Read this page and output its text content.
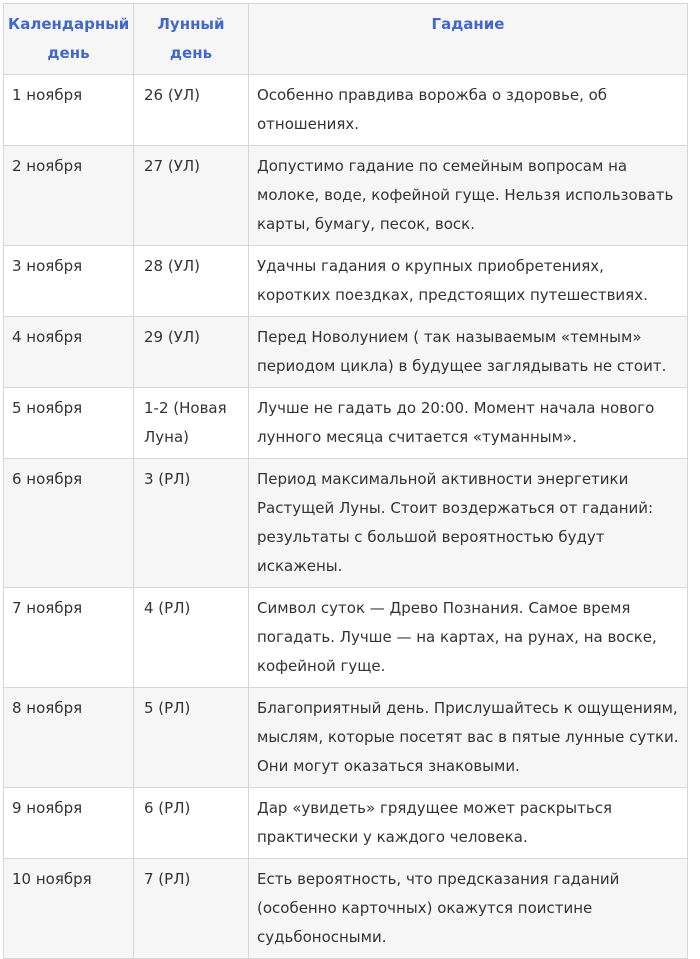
Календарный день	Лунный день	Гадание

1 ноября	26 (УЛ)	Особенно правдива ворожба о здоровье, об отношениях.

2 ноября	27 (УЛ)	Допустимо гадание по семейным вопросам на молоке, воде, кофейной гуще. Нельзя использовать карты, бумагу, песок, воск.

3 ноября	28 (УЛ)	Удачны гадания о крупных приобретениях, коротких поездках, предстоящих путешествиях.

4 ноября	29 (УЛ)	Перед Новолунием ( так называемым «темным» периодом цикла) в будущее заглядывать не стоит.

5 ноября	1-2 (Новая Луна)	Лучше не гадать до 20:00. Момент начала нового лунного месяца считается «туманным».

6 ноября	3 (РЛ)	Период максимальной активности энергетики Растущей Луны. Стоит воздержаться от гаданий: результаты с большой вероятностью будут искажены.

7 ноября	4 (РЛ)	Символ суток — Древо Познания. Самое время погадать. Лучше — на картах, на рунах, на воске, кофейной гуще.

8 ноября	5 (РЛ)	Благоприятный день. Прислушайтесь к ощущениям, мыслям, которые посетят вас в пятые лунные сутки. Они могут оказаться знаковыми.

9 ноября	6 (РЛ)	Дар «увидеть» грядущее может раскрыться практически у каждого человека.

10 ноября	7 (РЛ)	Есть вероятность, что предсказания гаданий (особенно карточных) окажутся поистине судьбоносными.
